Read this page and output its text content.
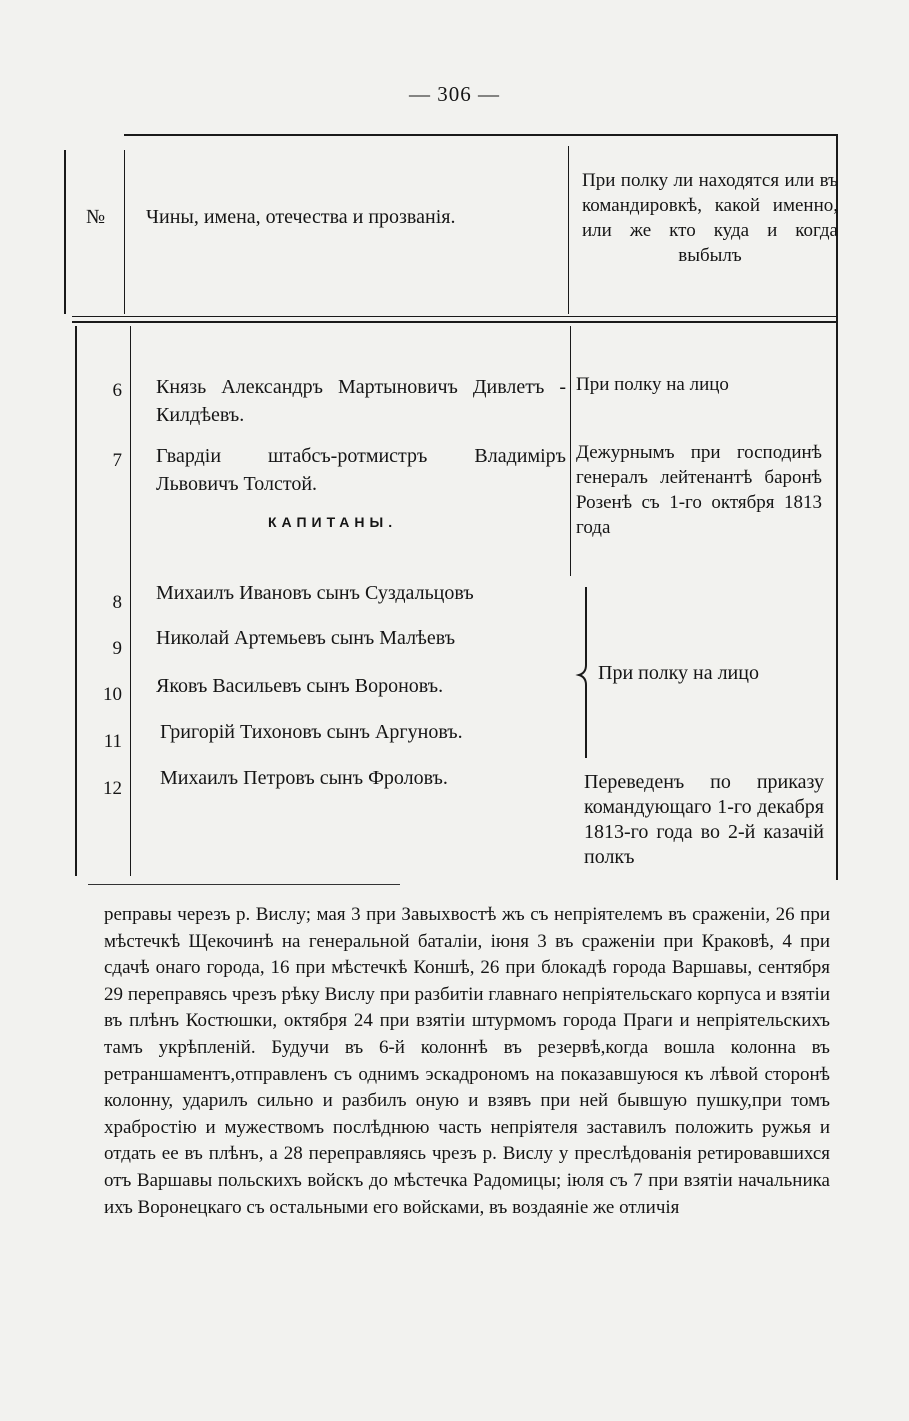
— 306 —
№ Чины, имена, отечества и прозванія.
При полку ли находятся или въ командировкѣ, какой именно, или же кто куда и когда выбылъ
6 Князь Александръ Мартыновичъ Дивлетъ - Килдѣевъ.
При полку на лицо
7 Гвардіи штабсъ-ротмистръ Владиміръ Львовичъ Толстой.
Дежурнымъ при господинѣ генералъ лейтенантѣ баронѣ Розенѣ съ 1-го октября 1813 года
КАПИТАНЫ.
8 Михаилъ Ивановъ сынъ Суздальцовъ
9 Николай Артемьевъ сынъ Малѣевъ
10 Яковъ Васильевъ сынъ Вороновъ.
11 Григорій Тихоновъ сынъ Аргуновъ.
12 Михаилъ Петровъ сынъ Фроловъ.
При полку на лицо
Переведенъ по приказу командующаго 1-го декабря 1813-го года во 2-й казачій полкъ
реправы черезъ р. Вислу; мая 3 при Завыхвостѣ жъ съ непріятелемъ въ сраженіи, 26 при мѣстечкѣ Щекочинѣ на генеральной баталіи, іюня 3 въ сраженіи при Краковѣ, 4 при сдачѣ онаго города, 16 при мѣстечкѣ Коншѣ, 26 при блокадѣ города Варшавы, сентября 29 переправясь чрезъ рѣку Вислу при разбитіи главнаго непріятельскаго корпуса и взятіи въ плѣнъ Костюшки, октября 24 при взятіи штурмомъ города Праги и непріятельскихъ тамъ укрѣпленій. Будучи въ 6-й колоннѣ въ резервѣ,когда вошла колонна въ ретраншаментъ,отправленъ съ однимъ эскадрономъ на показавшуюся къ лѣвой сторонѣ колонну, ударилъ сильно и разбилъ оную и взявъ при ней бывшую пушку,при томъ храбростію и мужествомъ послѣднюю часть непріятеля заставилъ положить ружья и отдать ее въ плѣнъ, а 28 переправляясь чрезъ р. Вислу у преслѣдованія ретировавшихся отъ Варшавы польскихъ войскъ до мѣстечка Радомицы; іюля съ 7 при взятіи начальника ихъ Воронецкаго съ остальными его войсками, въ воздаяніе же отличія
